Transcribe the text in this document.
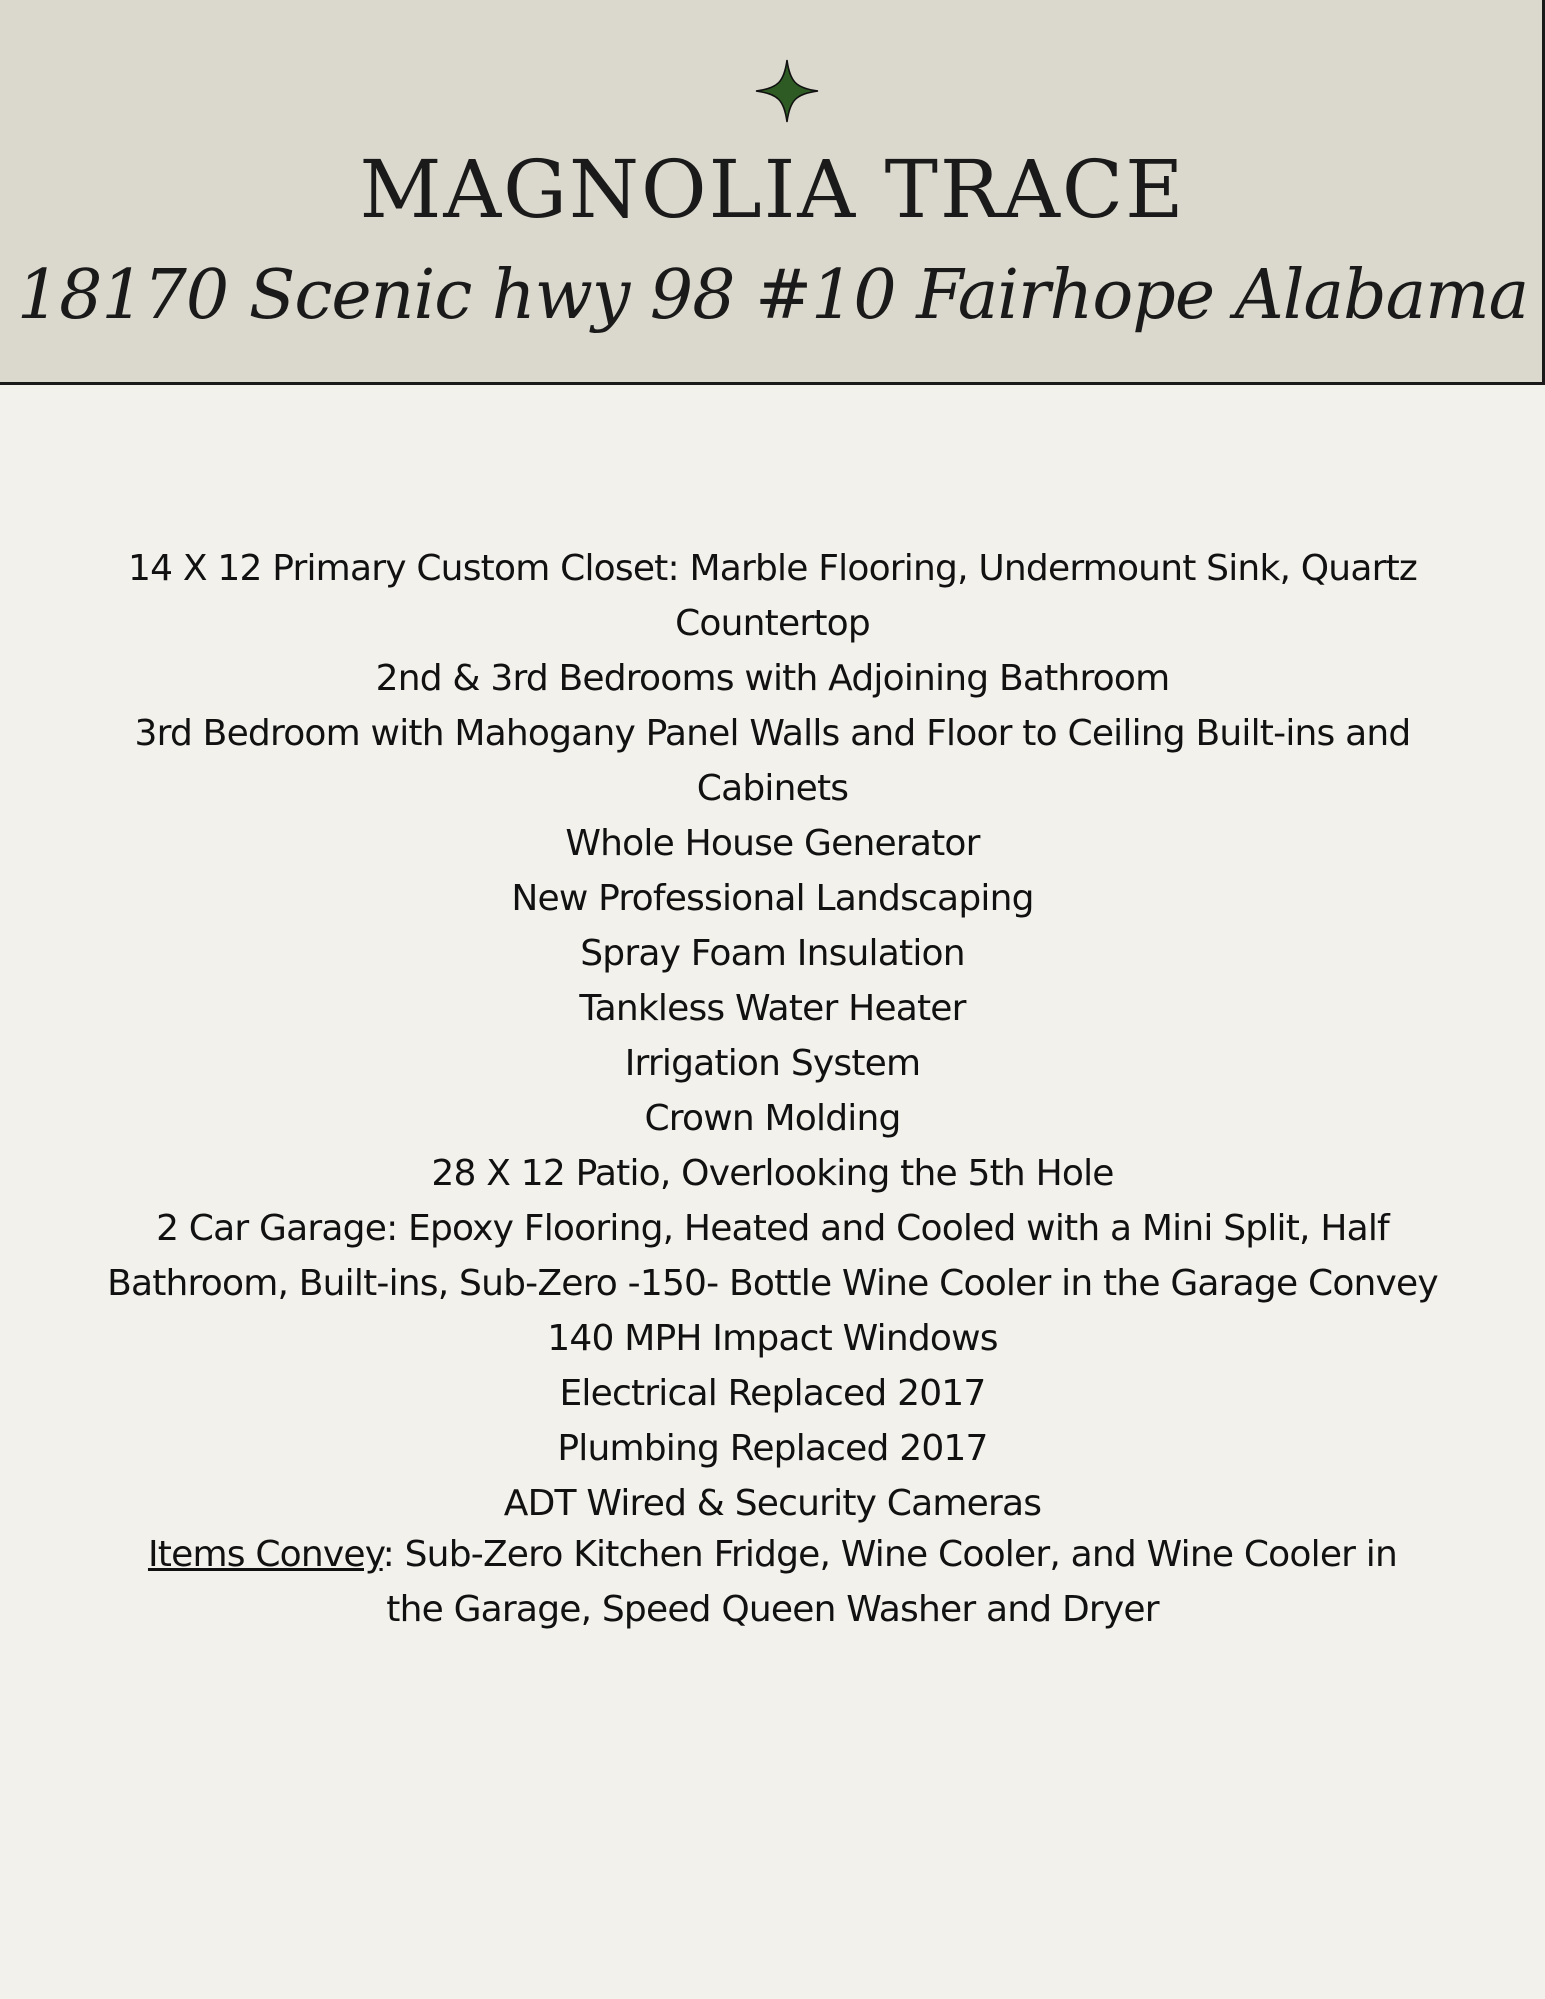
MAGNOLIA TRACE
18170 Scenic hwy 98 #10 Fairhope Alabama
14 X 12 Primary Custom Closet: Marble Flooring, Undermount Sink, Quartz Countertop
2nd & 3rd Bedrooms with Adjoining Bathroom
3rd Bedroom with Mahogany Panel Walls and Floor to Ceiling Built-ins and Cabinets
Whole House Generator
New Professional Landscaping
Spray Foam Insulation
Tankless Water Heater
Irrigation System
Crown Molding
28 X 12 Patio, Overlooking the 5th Hole
2 Car Garage: Epoxy Flooring, Heated and Cooled with a Mini Split, Half Bathroom, Built-ins, Sub-Zero -150- Bottle Wine Cooler in the Garage Convey
140 MPH Impact Windows
Electrical Replaced 2017
Plumbing Replaced 2017
ADT Wired & Security Cameras
Items Convey: Sub-Zero Kitchen Fridge, Wine Cooler, and Wine Cooler in the Garage, Speed Queen Washer and Dryer
